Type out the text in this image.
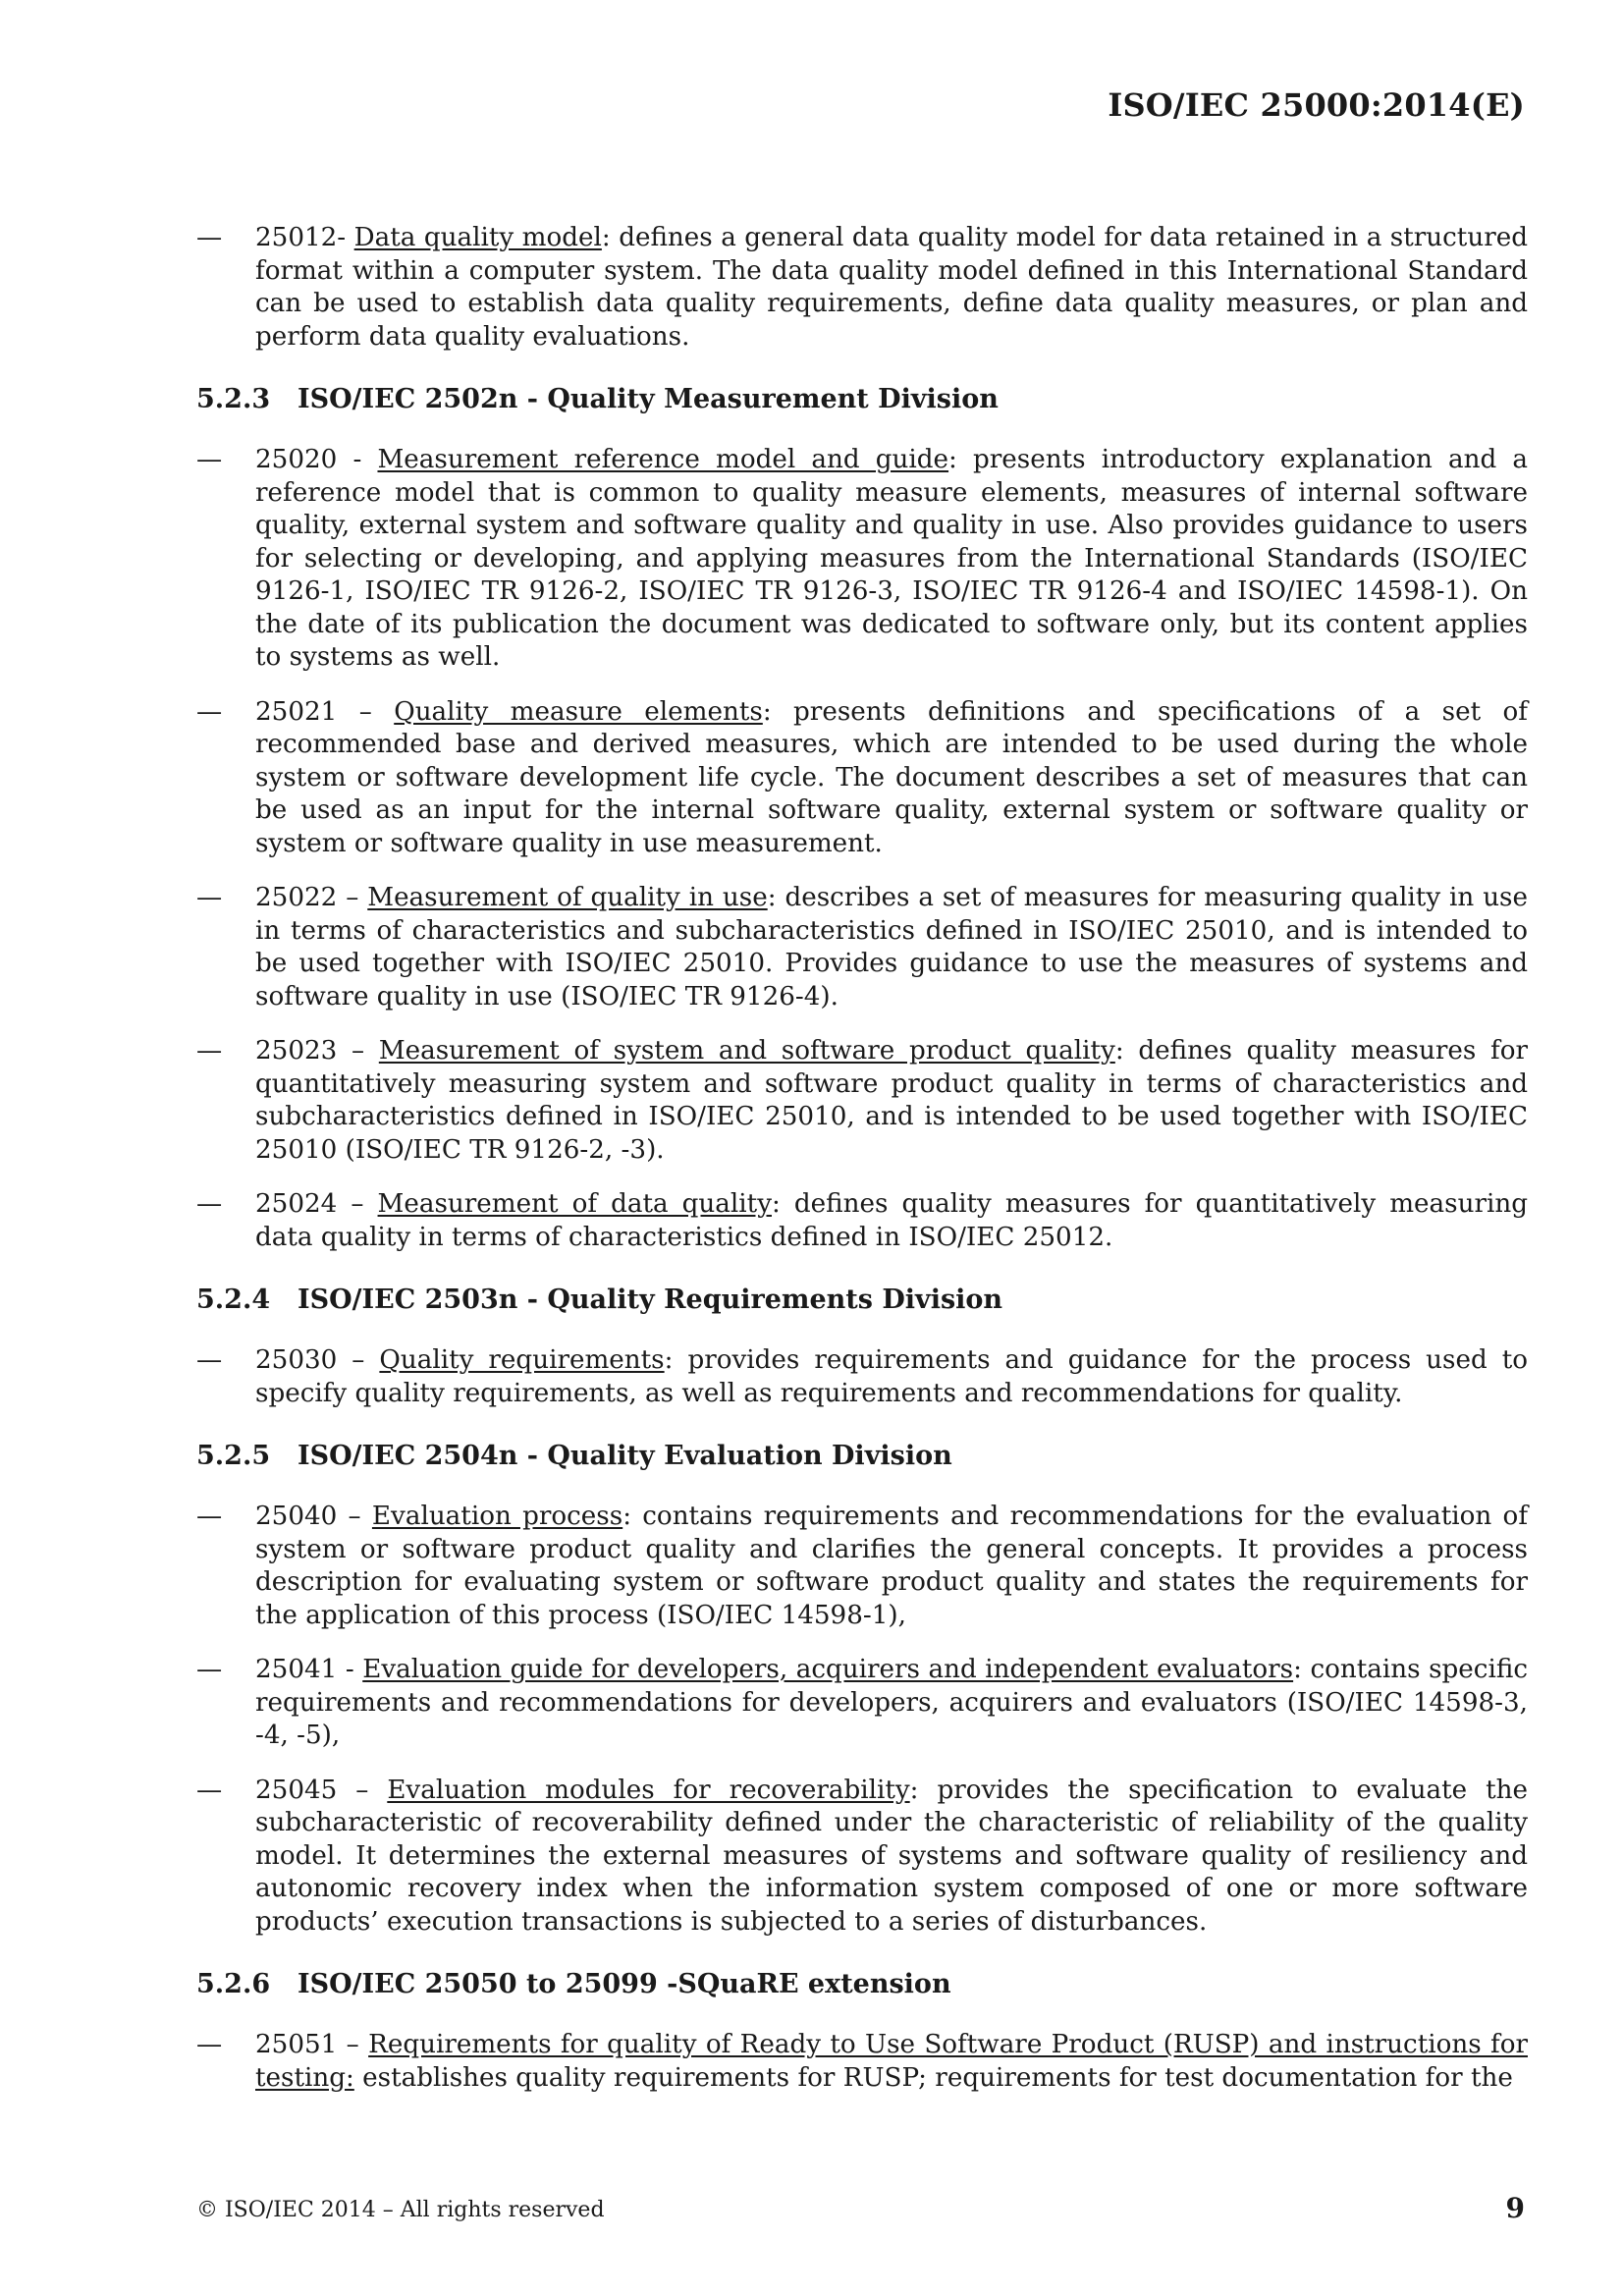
ISO/IEC 25000:2014(E)
— 25012- Data quality model: defines a general data quality model for data retained in a structured format within a computer system. The data quality model defined in this International Standard can be used to establish data quality requirements, define data quality measures, or plan and perform data quality evaluations.
5.2.3 ISO/IEC 2502n - Quality Measurement Division
— 25020 - Measurement reference model and guide: presents introductory explanation and a reference model that is common to quality measure elements, measures of internal software quality, external system and software quality and quality in use. Also provides guidance to users for selecting or developing, and applying measures from the International Standards (ISO/IEC 9126-1, ISO/IEC TR 9126-2, ISO/IEC TR 9126-3, ISO/IEC TR 9126-4 and ISO/IEC 14598-1). On the date of its publication the document was dedicated to software only, but its content applies to systems as well.
— 25021 – Quality measure elements: presents definitions and specifications of a set of recommended base and derived measures, which are intended to be used during the whole system or software development life cycle. The document describes a set of measures that can be used as an input for the internal software quality, external system or software quality or system or software quality in use measurement.
— 25022 – Measurement of quality in use: describes a set of measures for measuring quality in use in terms of characteristics and subcharacteristics defined in ISO/IEC 25010, and is intended to be used together with ISO/IEC 25010. Provides guidance to use the measures of systems and software quality in use (ISO/IEC TR 9126-4).
— 25023 – Measurement of system and software product quality: defines quality measures for quantitatively measuring system and software product quality in terms of characteristics and subcharacteristics defined in ISO/IEC 25010, and is intended to be used together with ISO/IEC 25010 (ISO/IEC TR 9126-2, -3).
— 25024 – Measurement of data quality: defines quality measures for quantitatively measuring data quality in terms of characteristics defined in ISO/IEC 25012.
5.2.4 ISO/IEC 2503n - Quality Requirements Division
— 25030 – Quality requirements: provides requirements and guidance for the process used to specify quality requirements, as well as requirements and recommendations for quality.
5.2.5 ISO/IEC 2504n - Quality Evaluation Division
— 25040 – Evaluation process: contains requirements and recommendations for the evaluation of system or software product quality and clarifies the general concepts. It provides a process description for evaluating system or software product quality and states the requirements for the application of this process (ISO/IEC 14598-1),
— 25041 - Evaluation guide for developers, acquirers and independent evaluators: contains specific requirements and recommendations for developers, acquirers and evaluators (ISO/IEC 14598-3, -4, -5),
— 25045 – Evaluation modules for recoverability: provides the specification to evaluate the subcharacteristic of recoverability defined under the characteristic of reliability of the quality model. It determines the external measures of systems and software quality of resiliency and autonomic recovery index when the information system composed of one or more software products’ execution transactions is subjected to a series of disturbances.
5.2.6 ISO/IEC 25050 to 25099 -SQuaRE extension
— 25051 – Requirements for quality of Ready to Use Software Product (RUSP) and instructions for testing: establishes quality requirements for RUSP; requirements for test documentation for the
© ISO/IEC 2014 – All rights reserved	9
